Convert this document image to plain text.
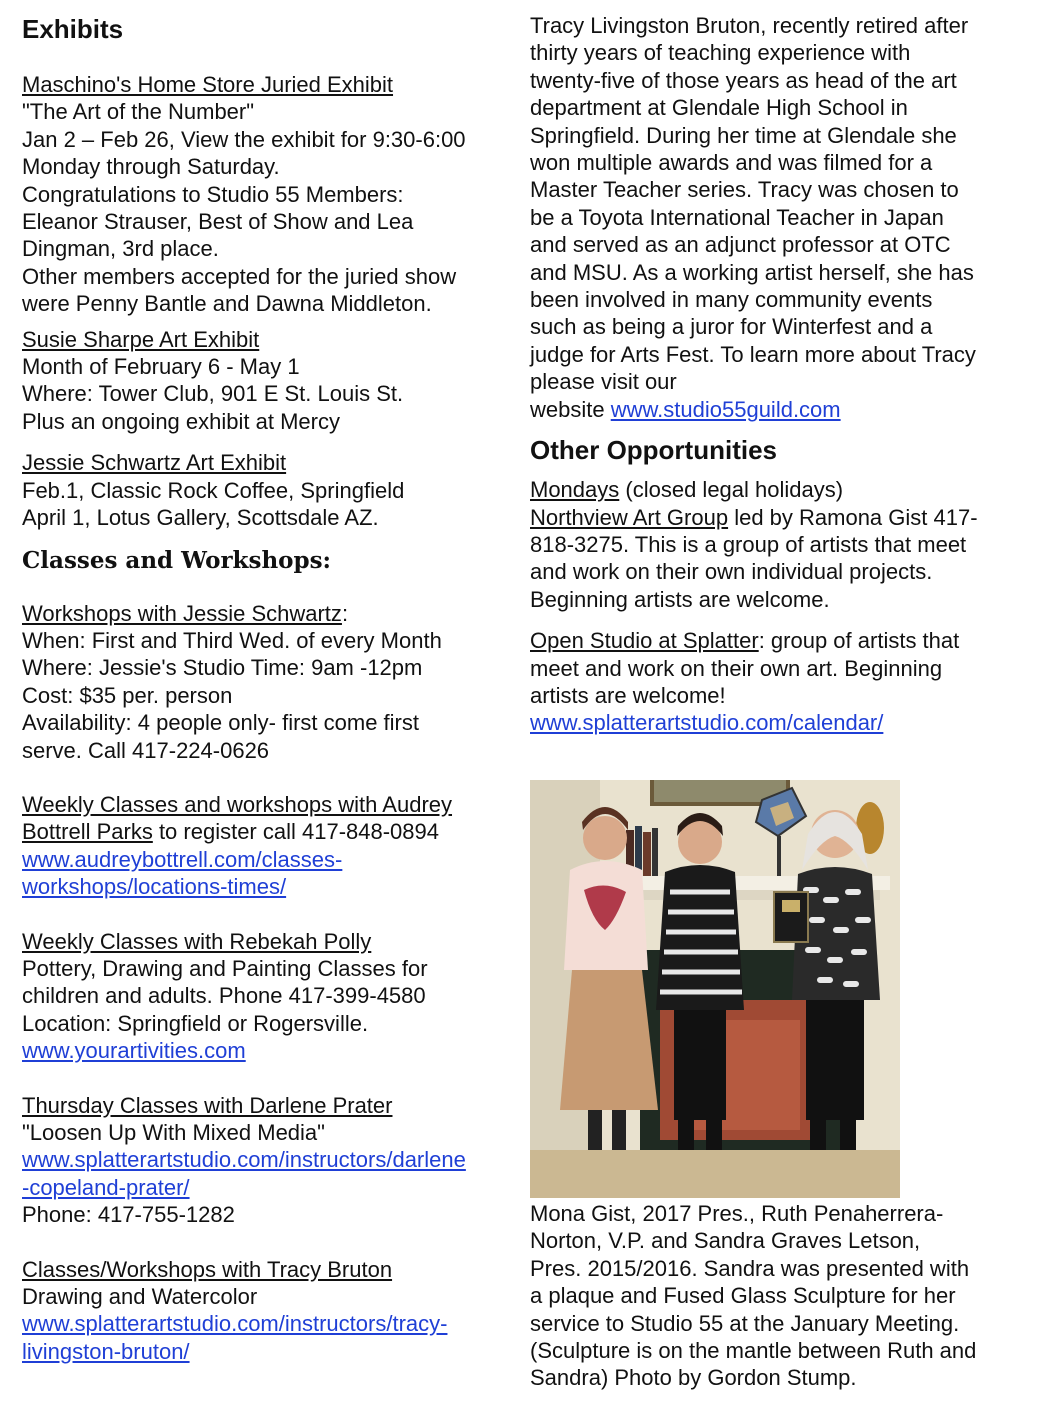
Exhibits
Maschino's Home Store Juried Exhibit
"The Art of the Number"
Jan 2 – Feb 26, View the exhibit for 9:30-6:00
Monday through Saturday.
Congratulations to Studio 55 Members:
Eleanor Strauser, Best of Show and Lea
Dingman, 3rd place.
Other members accepted for the juried show
were Penny Bantle and Dawna Middleton.
Susie Sharpe Art Exhibit
Month of February 6 - May 1
Where: Tower Club, 901 E St. Louis St.
Plus an ongoing exhibit at Mercy
Jessie Schwartz Art Exhibit
Feb.1, Classic Rock Coffee, Springfield
April 1, Lotus Gallery, Scottsdale AZ.
Classes and Workshops:
Workshops with Jessie Schwartz:
When: First and Third Wed. of every Month
Where: Jessie's Studio Time: 9am -12pm
Cost: $35 per. person
Availability: 4 people only- first come first
serve. Call 417-224-0626
Weekly Classes and workshops with Audrey
Bottrell Parks to register call 417-848-0894
www.audreybottrell.com/classes-
workshops/locations-times/
Weekly Classes with Rebekah Polly
Pottery, Drawing and Painting Classes for
children and adults. Phone 417-399-4580
Location: Springfield or Rogersville.
www.yourartivities.com
Thursday Classes with Darlene Prater
"Loosen Up With Mixed Media"
www.splatterartstudio.com/instructors/darlene
-copeland-prater/
Phone: 417-755-1282
Classes/Workshops with Tracy Bruton
Drawing and Watercolor
www.splatterartstudio.com/instructors/tracy-
livingston-bruton/
Tracy Livingston Bruton, recently retired after
thirty years of teaching experience with
twenty-five of those years as head of the art
department at Glendale High School in
Springfield. During her time at Glendale she
won multiple awards and was filmed for a
Master Teacher series. Tracy was chosen to
be a Toyota International Teacher in Japan
and served as an adjunct professor at OTC
and MSU. As a working artist herself, she has
been involved in many community events
such as being a juror for Winterfest and a
judge for Arts Fest. To learn more about Tracy
please visit our
website www.studio55guild.com
Other Opportunities
Mondays (closed legal holidays)
Northview Art Group led by Ramona Gist 417-
818-3275. This is a group of artists that meet
and work on their own individual projects.
Beginning artists are welcome.
Open Studio at Splatter: group of artists that
meet and work on their own art. Beginning
artists are welcome!
www.splatterartstudio.com/calendar/
Mona Gist, 2017 Pres., Ruth Penaherrera-
Norton, V.P. and Sandra Graves Letson,
Pres. 2015/2016. Sandra was presented with
a plaque and Fused Glass Sculpture for her
service to Studio 55 at the January Meeting.
(Sculpture is on the mantle between Ruth and
Sandra) Photo by Gordon Stump.
